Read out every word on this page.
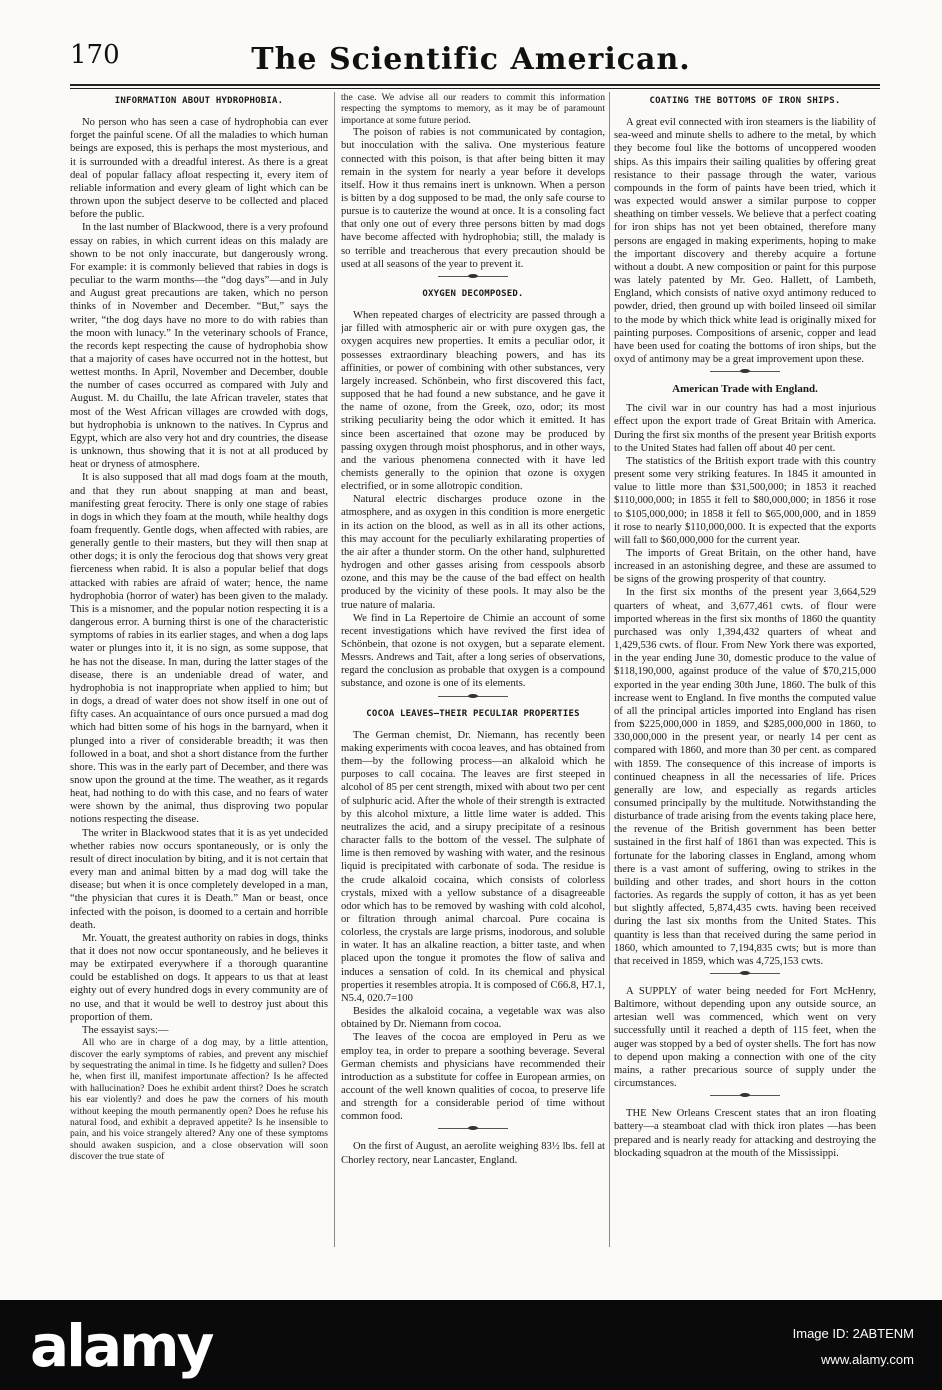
170	The Scientific American.
INFORMATION ABOUT HYDROPHOBIA.

No person who has seen a case of hydrophobia can ever forget the painful scene. Of all the maladies to which human beings are exposed, this is perhaps the most mysterious, and it is surrounded with a dreadful interest. As there is a great deal of popular fallacy afloat respecting it, every item of reliable information and every gleam of light which can be thrown upon the subject deserve to be collected and placed before the public.

In the last number of Blackwood, there is a very profound essay on rabies, in which current ideas on this malady are shown to be not only inaccurate, but dangerously wrong. For example: it is commonly believed that rabies in dogs is peculiar to the warm months—the “dog days”—and in July and August great precautions are taken, which no person thinks of in November and December. “But,” says the writer, “the dog days have no more to do with rabies than the moon with lunacy.” In the veterinary schools of France, the records kept respecting the cause of hydrophobia show that a majority of cases have occurred not in the hottest, but wettest months. In April, November and December, double the number of cases occurred as compared with July and August. M. du Chaillu, the late African traveler, states that most of the West African villages are crowded with dogs, but hydrophobia is unknown to the natives. In Cyprus and Egypt, which are also very hot and dry countries, the disease is unknown, thus showing that it is not at all produced by heat or dryness of atmosphere.

It is also supposed that all mad dogs foam at the mouth, and that they run about snapping at man and beast, manifesting great ferocity. There is only one stage of rabies in dogs in which they foam at the mouth, while healthy dogs foam frequently. Gentle dogs, when affected with rabies, are generally gentle to their masters, but they will then snap at other dogs; it is only the ferocious dog that shows very great fierceness when rabid. It is also a popular belief that dogs attacked with rabies are afraid of water; hence, the name hydrophobia (horror of water) has been given to the malady. This is a misnomer, and the popular notion respecting it is a dangerous error. A burning thirst is one of the characteristic symptoms of rabies in its earlier stages, and when a dog laps water or plunges into it, it is no sign, as some suppose, that he has not the disease. In man, during the latter stages of the disease, there is an undeniable dread of water, and hydrophobia is not inappropriate when applied to him; but in dogs, a dread of water does not show itself in one out of fifty cases. An acquaintance of ours once pursued a mad dog which had bitten some of his hogs in the barnyard, when it plunged into a river of considerable breadth; it was then followed in a boat, and shot a short distance from the further shore. This was in the early part of December, and there was snow upon the ground at the time. The weather, as it regards heat, had nothing to do with this case, and no fears of water were shown by the animal, thus disproving two popular notions respecting the disease.

The writer in Blackwood states that it is as yet undecided whether rabies now occurs spontaneously, or is only the result of direct inoculation by biting, and it is not certain that every man and animal bitten by a mad dog will take the disease; but when it is once completely developed in a man, “the physician that cures it is Death.” Man or beast, once infected with the poison, is doomed to a certain and horrible death.

Mr. Youatt, the greatest authority on rabies in dogs, thinks that it does not now occur spontaneously, and he believes it may be extirpated everywhere if a thorough quarantine could be established on dogs. It appears to us that at least eighty out of every hundred dogs in every community are of no use, and that it would be well to destroy just about this proportion of them.

The essayist says:—

All who are in charge of a dog may, by a little attention, discover the early symptoms of rabies, and prevent any mischief by sequestrating the animal in time. Is he fidgetty and sullen? Does he, when first ill, manifest importunate affection? Is he affected with hallucination? Does he exhibit ardent thirst? Does he scratch his ear violently? and does he paw the corners of his mouth without keeping the mouth permanently open? Does he refuse his natural food, and exhibit a depraved appetite? Is he insensible to pain, and his voice strangely altered? Any one of these symptoms should awaken suspicion, and a close observation will soon discover the true state of

the case. We advise all our readers to commit this information respecting the symptoms to memory, as it may be of paramount importance at some future period.

The poison of rabies is not communicated by contagion, but inocculation with the saliva. One mysterious feature connected with this poison, is that after being bitten it may remain in the system for nearly a year before it develops itself. How it thus remains inert is unknown. When a person is bitten by a dog supposed to be mad, the only safe course to pursue is to cauterize the wound at once. It is a consoling fact that only one out of every three persons bitten by mad dogs have become affected with hydrophobia; still, the malady is so terrible and treacherous that every precaution should be used at all seasons of the year to prevent it.

OXYGEN DECOMPOSED.

When repeated charges of electricity are passed through a jar filled with atmospheric air or with pure oxygen gas, the oxygen acquires new properties. It emits a peculiar odor, it possesses extraordinary bleaching powers, and has its affinities, or power of combining with other substances, very largely increased. Schönbein, who first discovered this fact, supposed that he had found a new substance, and he gave it the name of ozone, from the Greek, ozo, odor; its most striking peculiarity being the odor which it emitted. It has since been ascertained that ozone may be produced by passing oxygen through moist phosphorus, and in other ways, and the various phenomena connected with it have led chemists generally to the opinion that ozone is oxygen electrified, or in some allotropic condition.

Natural electric discharges produce ozone in the atmosphere, and as oxygen in this condition is more energetic in its action on the blood, as well as in all its other actions, this may account for the peculiarly exhilarating properties of the air after a thunder storm. On the other hand, sulphuretted hydrogen and other gasses arising from cesspools absorb ozone, and this may be the cause of the bad effect on health produced by the vicinity of these pools. It may also be the true nature of malaria.

We find in La Repertoire de Chimie an account of some recent investigations which have revived the first idea of Schönbein, that ozone is not oxygen, but a separate element. Messrs. Andrews and Tait, after a long series of observations, regard the conclusion as probable that oxygen is a compound substance, and ozone is one of its elements.

COCOA LEAVES—THEIR PECULIAR PROPERTIES

The German chemist, Dr. Niemann, has recently been making experiments with cocoa leaves, and has obtained from them—by the following process—an alkaloid which he purposes to call cocaina. The leaves are first steeped in alcohol of 85 per cent strength, mixed with about two per cent of sulphuric acid. After the whole of their strength is extracted by this alcohol mixture, a little lime water is added. This neutralizes the acid, and a sirupy precipitate of a resinous character falls to the bottom of the vessel. The sulphate of lime is then removed by washing with water, and the resinous liquid is precipitated with carbonate of soda. The residue is the crude alkaloid cocaina, which consists of colorless crystals, mixed with a yellow substance of a disagreeable odor which has to be removed by washing with cold alcohol, or filtration through animal charcoal. Pure cocaina is colorless, the crystals are large prisms, inodorous, and soluble in water. It has an alkaline reaction, a bitter taste, and when placed upon the tongue it promotes the flow of saliva and induces a sensation of cold. In its chemical and physical properties it resembles atropia. It is composed of C66.8, H7.1, N5.4, 020.7=100

Besides the alkaloid cocaina, a vegetable wax was also obtained by Dr. Niemann from cocoa.

The leaves of the cocoa are employed in Peru as we employ tea, in order to prepare a soothing beverage. Several German chemists and physicians have recommended their introduction as a substitute for coffee in European armies, on account of the well known qualities of cocoa, to preserve life and strength for a considerable period of time without common food.

On the first of August, an aerolite weighing 83½ lbs. fell at Chorley rectory, near Lancaster, England.

COATING THE BOTTOMS OF IRON SHIPS.

A great evil connected with iron steamers is the liability of sea-weed and minute shells to adhere to the metal, by which they become foul like the bottoms of uncoppered wooden ships. As this impairs their sailing qualities by offering great resistance to their passage through the water, various compounds in the form of paints have been tried, which it was expected would answer a similar purpose to copper sheathing on timber vessels. We believe that a perfect coating for iron ships has not yet been obtained, therefore many persons are engaged in making experiments, hoping to make the important discovery and thereby acquire a fortune without a doubt. A new composition or paint for this purpose was lately patented by Mr. Geo. Hallett, of Lambeth, England, which consists of native oxyd antimony reduced to powder, dried, then ground up with boiled linseed oil similar to the mode by which thick white lead is originally mixed for painting purposes. Compositions of arsenic, copper and lead have been used for coating the bottoms of iron ships, but the oxyd of antimony may be a great improvement upon these.

American Trade with England.

The civil war in our country has had a most injurious effect upon the export trade of Great Britain with America. During the first six months of the present year British exports to the United States had fallen off about 40 per cent.

The statistics of the British export trade with this country present some very striking features. In 1845 it amounted in value to little more than $31,500,000; in 1853 it reached $110,000,000; in 1855 it fell to $80,000,000; in 1856 it rose to $105,000,000; in 1858 it fell to $65,000,000, and in 1859 it rose to nearly $110,000,000. It is expected that the exports will fall to $60,000,000 for the current year.

The imports of Great Britain, on the other hand, have increased in an astonishing degree, and these are assumed to be signs of the growing prosperity of that country.

In the first six months of the present year 3,664,529 quarters of wheat, and 3,677,461 cwts. of flour were imported whereas in the first six months of 1860 the quantity purchased was only 1,394,432 quarters of wheat and 1,429,536 cwts. of flour. From New York there was exported, in the year ending June 30, domestic produce to the value of $118,190,000, against produce of the value of $70,215,000 exported in the year ending 30th June, 1860. The bulk of this increase went to England. In five months the computed value of all the principal articles imported into England has risen from $225,000,000 in 1859, and $285,000,000 in 1860, to 330,000,000 in the present year, or nearly 14 per cent as compared with 1860, and more than 30 per cent. as compared with 1859. The consequence of this increase of imports is continued cheapness in all the necessaries of life. Prices generally are low, and especially as regards articles consumed principally by the multitude. Notwithstanding the disturbance of trade arising from the events taking place here, the revenue of the British government has been better sustained in the first half of 1861 than was expected. This is fortunate for the laboring classes in England, among whom there is a vast amont of suffering, owing to strikes in the building and other trades, and short hours in the cotton factories. As regards the supply of cotton, it has as yet been but slightly affected, 5,874,435 cwts. having been received during the last six months from the United States. This quantity is less than that received during the same period in 1860, which amounted to 7,194,835 cwts; but is more than that received in 1859, which was 4,725,153 cwts.

A SUPPLY of water being needed for Fort McHenry, Baltimore, without depending upon any outside source, an artesian well was commenced, which went on very successfully until it reached a depth of 115 feet, when the auger was stopped by a bed of oyster shells. The fort has now to depend upon making a connection with one of the city mains, a rather precarious source of supply under the circumstances.

THE New Orleans Crescent states that an iron floating battery—a steamboat clad with thick iron plates —has been prepared and is nearly ready for attacking and destroying the blockading squadron at the mouth of the Mississippi.

alamy	Image ID: 2ABTENM
www.alamy.com
